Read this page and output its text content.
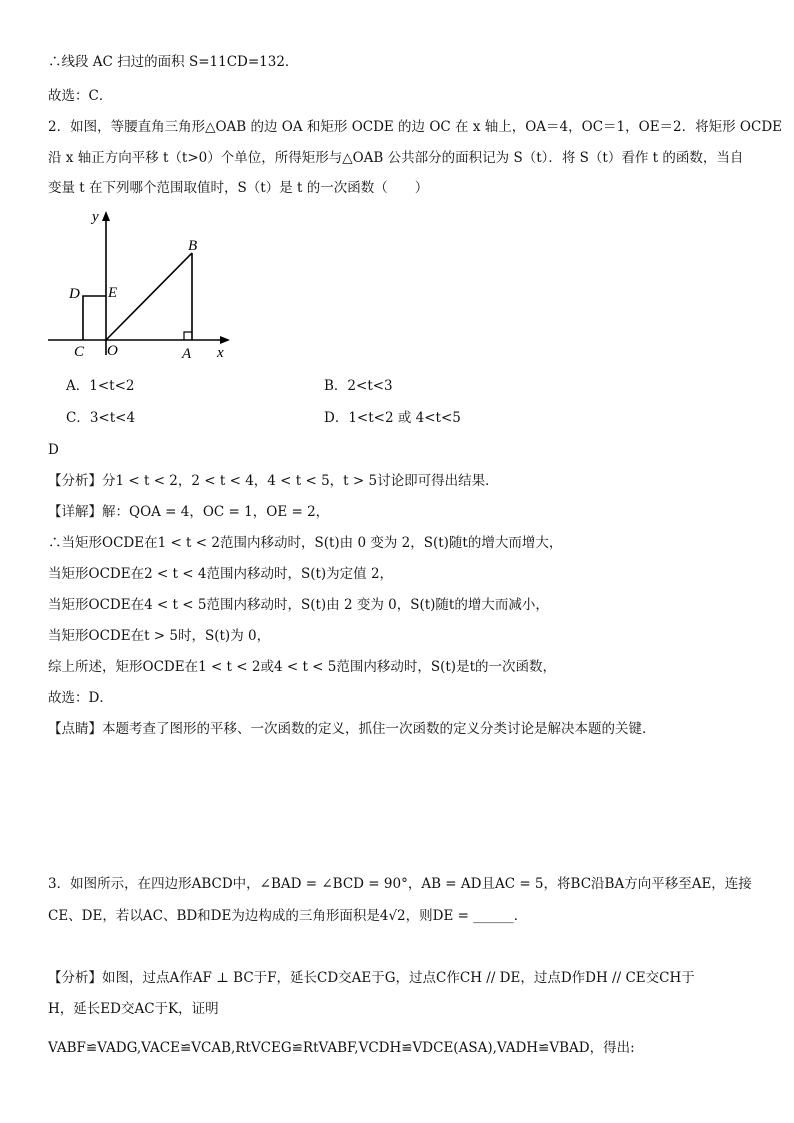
∴线段 AC 扫过的面积 S=11CD=132．
故选：C．
2．如图，等腰直角三角形△OAB 的边 OA 和矩形 OCDE 的边 OC 在 x 轴上，OA＝4，OC＝1，OE＝2．将矩形 OCDE
沿 x 轴正方向平移 t（t>0）个单位，所得矩形与△OAB 公共部分的面积记为 S（t）．将 S（t）看作 t 的函数，当自
变量 t 在下列哪个范围取值时，S（t）是 t 的一次函数（　　）
y
x
B
D E
C O	A
A．1<t<2	B．2<t<3
C．3<t<4	D．1<t<2 或 4<t<5
D
【分析】分1 < t < 2，2 < t < 4，4 < t < 5，t > 5讨论即可得出结果．
【详解】解：QOA = 4，OC = 1，OE = 2，
∴当矩形OCDE在1 < t < 2范围内移动时，S(t)由 0 变为 2，S(t)随t的增大而增大，
当矩形OCDE在2 < t < 4范围内移动时，S(t)为定值 2，
当矩形OCDE在4 < t < 5范围内移动时，S(t)由 2 变为 0，S(t)随t的增大而减小，
当矩形OCDE在t > 5时，S(t)为 0，
综上所述，矩形OCDE在1 < t < 2或4 < t < 5范围内移动时，S(t)是t的一次函数，
故选：D．
【点睛】本题考查了图形的平移、一次函数的定义，抓住一次函数的定义分类讨论是解决本题的关键．
3．如图所示，在四边形ABCD中，∠BAD = ∠BCD = 90°，AB = AD且AC = 5，将BC沿BA方向平移至AE，连接
CE、DE，若以AC、BD和DE为边构成的三角形面积是4√2，则DE = ______．
【分析】如图，过点A作AF ⊥ BC于F，延长CD交AE于G，过点C作CH // DE，过点D作DH // CE交CH于
H，延长ED交AC于K，证明
VABF≌VADG,VACE≌VCAB,RtVCEG≌RtVABF,VCDH≌VDCE(ASA),VADH≌VBAD，得出:
